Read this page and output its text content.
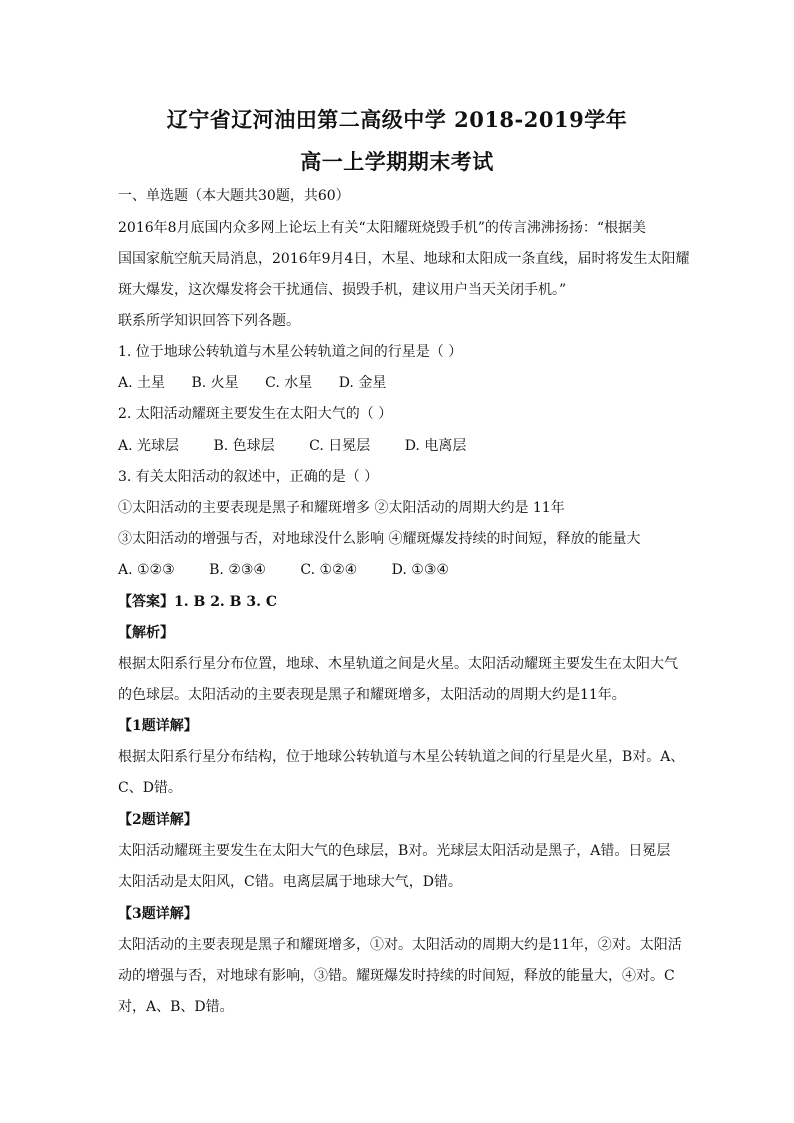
辽宁省辽河油田第二高级中学 2018-2019学年
高一上学期期末考试
一、单选题（本大题共30题，共60）
2016年8月底国内众多网上论坛上有关“太阳耀斑烧毁手机”的传言沸沸扬扬：“根据美
国国家航空航天局消息，2016年9月4日，木星、地球和太阳成一条直线，届时将发生太阳耀
斑大爆发，这次爆发将会干扰通信、损毁手机，建议用户当天关闭手机。”
联系所学知识回答下列各题。
1. 位于地球公转轨道与木星公转轨道之间的行星是（ ）
A. 土星 B. 火星 C. 水星 D. 金星
2. 太阳活动耀斑主要发生在太阳大气的（ ）
A. 光球层 B. 色球层 C. 日冕层 D. 电离层
3. 有关太阳活动的叙述中，正确的是（ ）
①太阳活动的主要表现是黑子和耀斑增多 ②太阳活动的周期大约是 11年
③太阳活动的增强与否，对地球没什么影响 ④耀斑爆发持续的时间短，释放的能量大
A. ①②③ B. ②③④ C. ①②④ D. ①③④
【答案】1. B 2. B 3. C
【解析】
根据太阳系行星分布位置，地球、木星轨道之间是火星。太阳活动耀斑主要发生在太阳大气
的色球层。太阳活动的主要表现是黑子和耀斑增多，太阳活动的周期大约是11年。
【1题详解】
根据太阳系行星分布结构，位于地球公转轨道与木星公转轨道之间的行星是火星，B对。A、
C、D错。
【2题详解】
太阳活动耀斑主要发生在太阳大气的色球层，B对。光球层太阳活动是黑子，A错。日冕层
太阳活动是太阳风，C错。电离层属于地球大气，D错。
【3题详解】
太阳活动的主要表现是黑子和耀斑增多，①对。太阳活动的周期大约是11年，②对。太阳活
动的增强与否，对地球有影响，③错。耀斑爆发时持续的时间短，释放的能量大，④对。C
对，A、B、D错。
